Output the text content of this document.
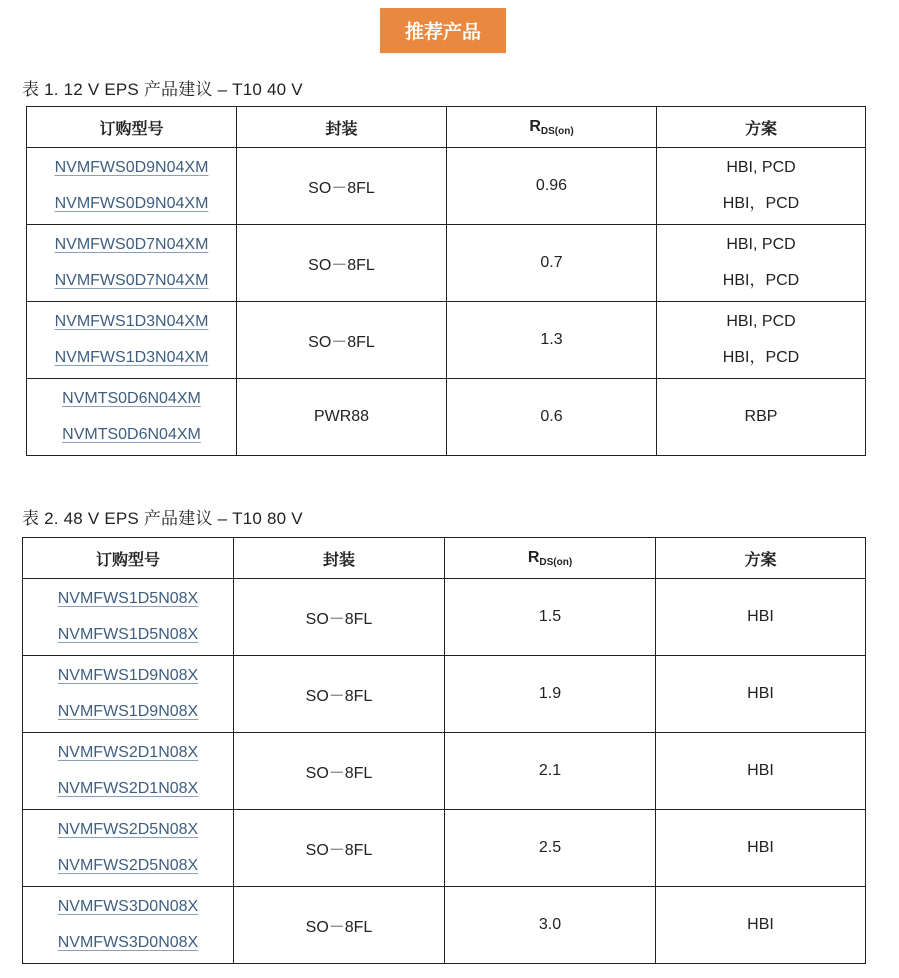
推荐产品
表 1. 12 V EPS 产品建议 – T10 40 V
订购型号	封装	$R_{DS(on)}$	方案

NVMFWS0D9N04XM
NVMFWS0D9N04XM	SO－8FL	0.96	HBI, PCD
HBI，PCD

NVMFWS0D7N04XM
NVMFWS0D7N04XM	SO－8FL	0.7	HBI, PCD
HBI，PCD

NVMFWS1D3N04XM
NVMFWS1D3N04XM	SO－8FL	1.3	HBI, PCD
HBI，PCD

NVMTS0D6N04XM
NVMTS0D6N04XM	PWR88	0.6	RBP
表 2. 48 V EPS 产品建议 – T10 80 V
订购型号	封装	$R_{DS(on)}$	方案

NVMFWS1D5N08X
NVMFWS1D5N08X	SO－8FL	1.5	HBI

NVMFWS1D9N08X
NVMFWS1D9N08X	SO－8FL	1.9	HBI

NVMFWS2D1N08X
NVMFWS2D1N08X	SO－8FL	2.1	HBI

NVMFWS2D5N08X
NVMFWS2D5N08X	SO－8FL	2.5	HBI

NVMFWS3D0N08X
NVMFWS3D0N08X	SO－8FL	3.0	HBI
